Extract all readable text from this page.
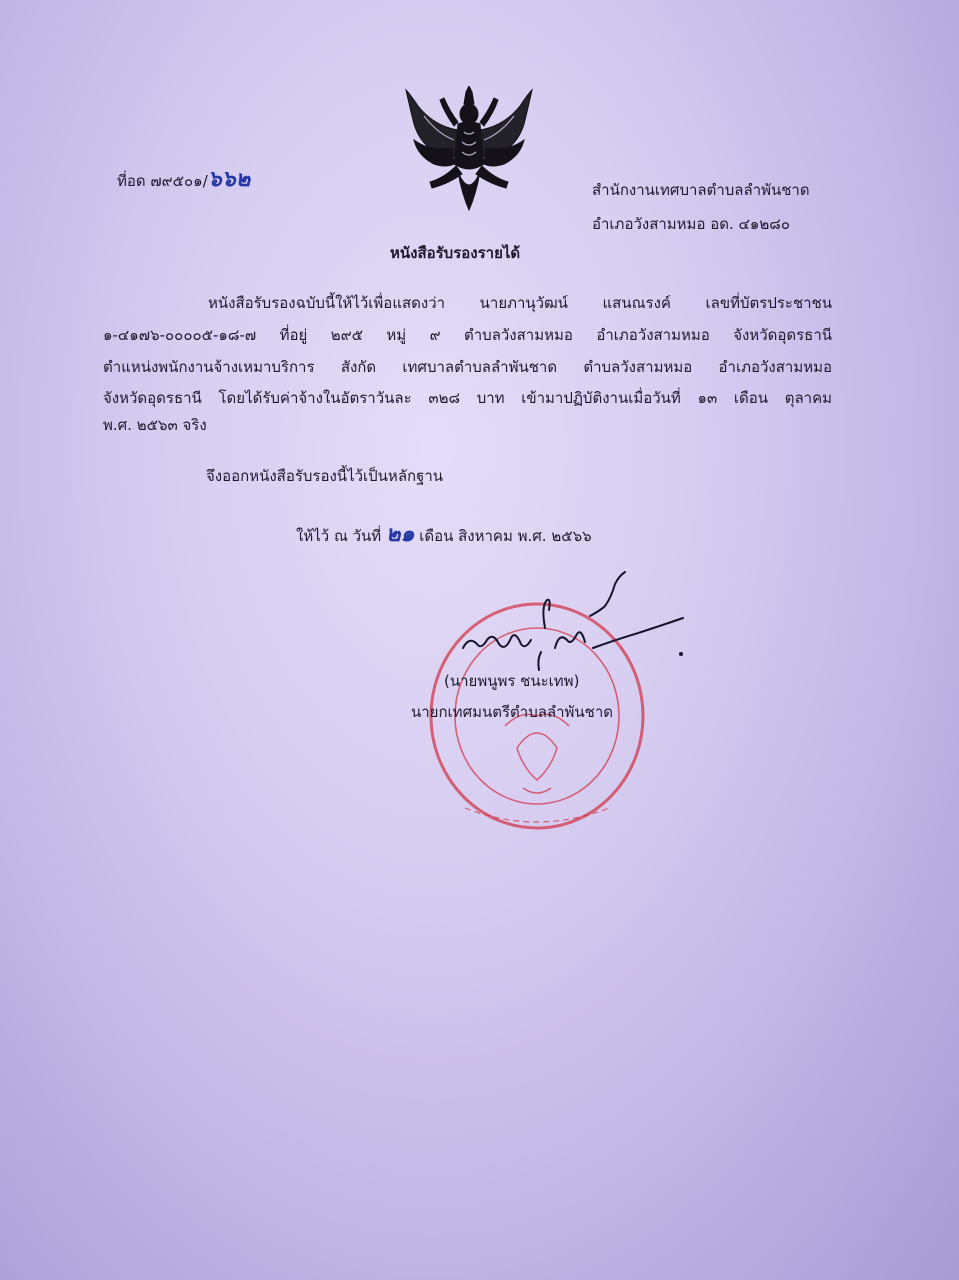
ที่อด ๗๙๕๐๑/๖๖๒	สำนักงานเทศบาลตำบลลำพันชาด
อำเภอวังสามหมอ อด. ๔๑๒๘๐
หนังสือรับรองรายได้
หนังสือรับรองฉบับนี้ให้ไว้เพื่อแสดงว่า นายภานุวัฒน์ แสนณรงค์ เลขที่บัตรประชาชน
๑-๔๑๗๖-๐๐๐๐๕-๑๘-๗ ที่อยู่ ๒๙๕ หมู่ ๙ ตำบลวังสามหมอ อำเภอวังสามหมอ จังหวัดอุดรธานี
ตำแหน่งพนักงานจ้างเหมาบริการ สังกัด เทศบาลตำบลลำพันชาด ตำบลวังสามหมอ อำเภอวังสามหมอ
จังหวัดอุดรธานี โดยได้รับค่าจ้างในอัตราวันละ ๓๒๘ บาท เข้ามาปฏิบัติงานเมื่อวันที่ ๑๓ เดือน ตุลาคม
พ.ศ. ๒๕๖๓ จริง
จึงออกหนังสือรับรองนี้ไว้เป็นหลักฐาน
ให้ไว้ ณ วันที่ ๒๑ เดือน สิงหาคม พ.ศ. ๒๕๖๖
(นายพนูพร ชนะเทพ)
นายกเทศมนตรีตำบลลำพันชาด
